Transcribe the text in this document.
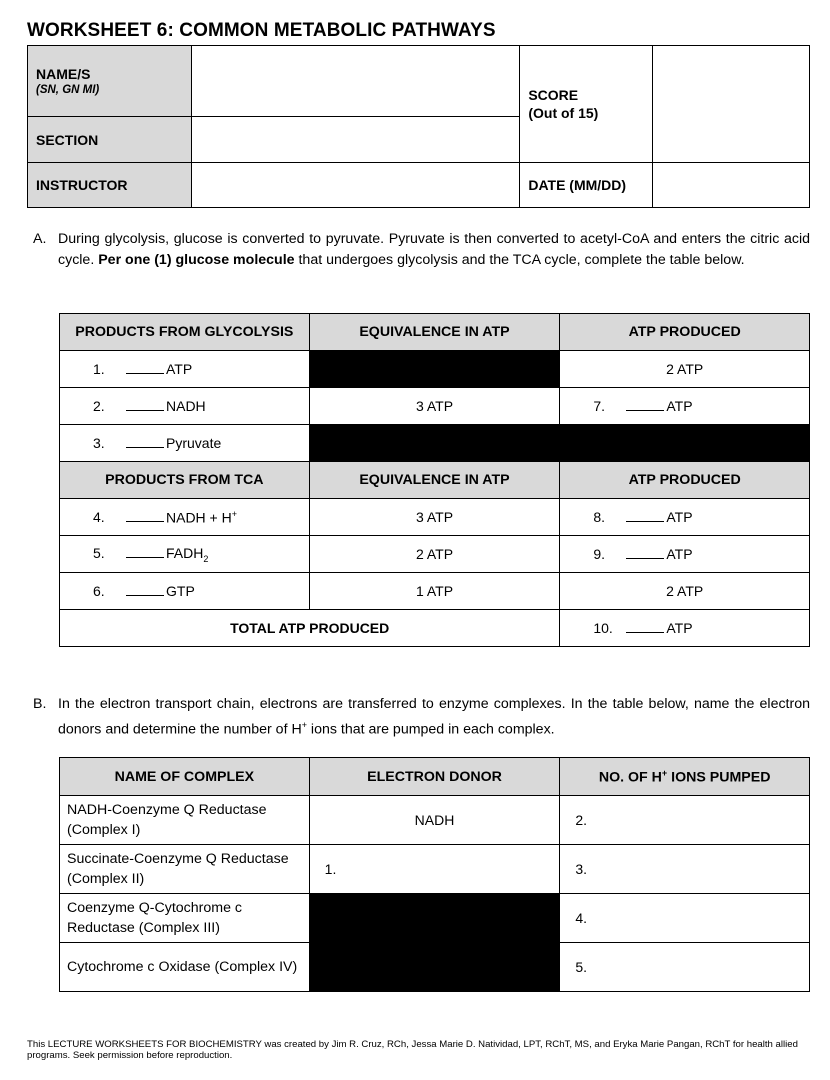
WORKSHEET 6: COMMON METABOLIC PATHWAYS
NAME/S
(SN, GN MI)		SCORE
(Out of 15)	

SECTION			
INSTRUCTOR		DATE (MM/DD)	
A. During glycolysis, glucose is converted to pyruvate. Pyruvate is then converted to acetyl-CoA and enters the citric acid cycle. Per one (1) glucose molecule that undergoes glycolysis and the TCA cycle, complete the table below.
PRODUCTS FROM GLYCOLYSIS	EQUIVALENCE IN ATP	ATP PRODUCED
1. ATP		2 ATP
2. NADH	3 ATP	7. ATP
3. Pyruvate		
PRODUCTS FROM TCA	EQUIVALENCE IN ATP	ATP PRODUCED
4. NADH + H+	3 ATP	8. ATP
5. $FADH_2$	2 ATP	9. ATP
6. GTP	1 ATP	2 ATP
TOTAL ATP PRODUCED		10. ATP
B. In the electron transport chain, electrons are transferred to enzyme complexes. In the table below, name the electron donors and determine the number of H+ ions that are pumped in each complex.
NAME OF COMPLEX	ELECTRON DONOR	NO. OF H+ IONS PUMPED
NADH-Coenzyme Q Reductase (Complex I)	NADH	2.
Succinate-Coenzyme Q Reductase (Complex II)	1.	3.
Coenzyme Q-Cytochrome c Reductase (Complex III)		4.
Cytochrome c Oxidase (Complex IV)		5.
This LECTURE WORKSHEETS FOR BIOCHEMISTRY was created by Jim R. Cruz, RCh, Jessa Marie D. Natividad, LPT, RChT, MS, and Eryka Marie Pangan, RChT for health allied programs. Seek permission before reproduction.
